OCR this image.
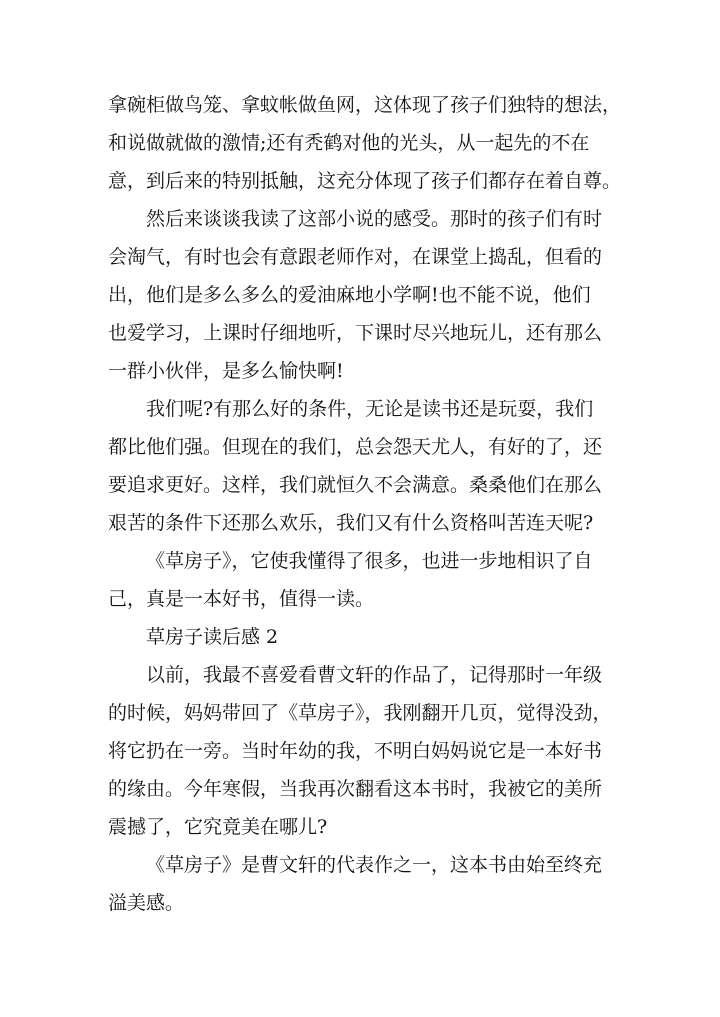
拿碗柜做鸟笼、拿蚊帐做鱼网，这体现了孩子们独特的想法，

和说做就做的激情;还有秃鹤对他的光头，从一起先的不在

意，到后来的特别抵触，这充分体现了孩子们都存在着自尊。

然后来谈谈我读了这部小说的感受。那时的孩子们有时

会淘气，有时也会有意跟老师作对，在课堂上捣乱，但看的

出，他们是多么多么的爱油麻地小学啊!也不能不说，他们

也爱学习，上课时仔细地听，下课时尽兴地玩儿，还有那么

一群小伙伴，是多么愉快啊!

我们呢?有那么好的条件，无论是读书还是玩耍，我们

都比他们强。但现在的我们，总会怨天尤人，有好的了，还

要追求更好。这样，我们就恒久不会满意。桑桑他们在那么

艰苦的条件下还那么欢乐，我们又有什么资格叫苦连天呢?

《草房子》，它使我懂得了很多，也进一步地相识了自

己，真是一本好书，值得一读。

草房子读后感 2

以前，我最不喜爱看曹文轩的作品了，记得那时一年级

的时候，妈妈带回了《草房子》，我刚翻开几页，觉得没劲，

将它扔在一旁。当时年幼的我，不明白妈妈说它是一本好书

的缘由。今年寒假，当我再次翻看这本书时，我被它的美所

震撼了，它究竟美在哪儿?

《草房子》是曹文轩的代表作之一，这本书由始至终充

溢美感。
